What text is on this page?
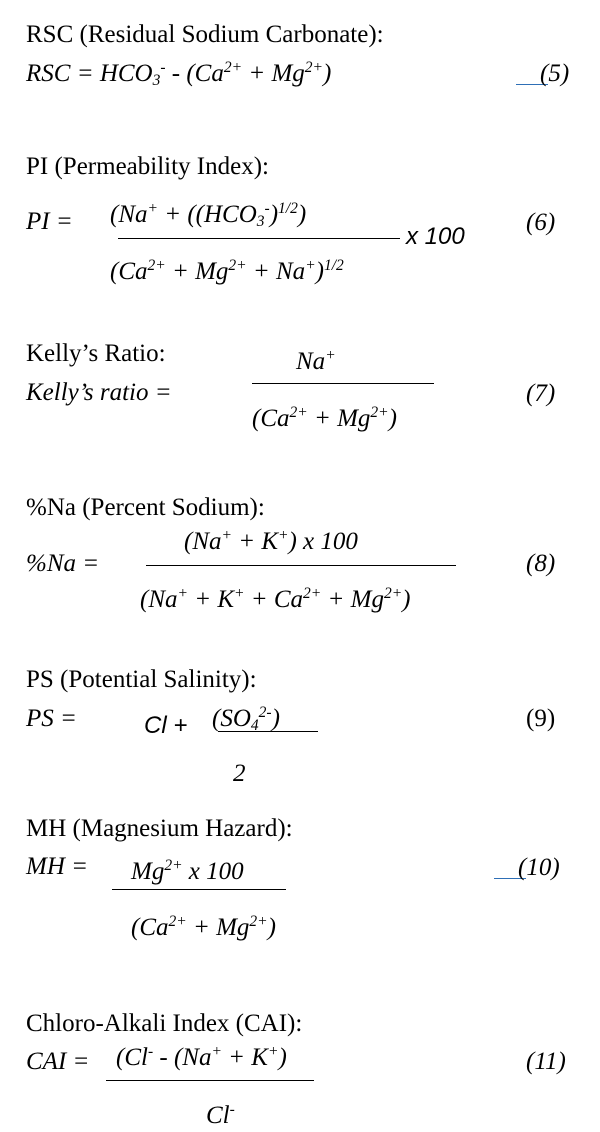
RSC (Residual Sodium Carbonate):
RSC = $HCO_3^- - (Ca^{2+} + Mg^{2+})$	(5)
PI (Permeability Index):
PI = ($Na^+ + ((HCO_3^-)^{1/2})$
x 100
$(Ca^{2+} + Mg^{2+} + Na^+)^{1/2}$
(6)
Kelly’s Ratio:	Na+
Kelly’s ratio =
$(Ca^{2+} + Mg^{2+})$
(7)
%Na (Percent Sodium):
(Na+ + K+) x 100
%Na =
$(Na^+ + K^+ + Ca^{2+} + Mg^{2+})$
(8)
PS (Potential Salinity):
PS =	$Cl + (SO_4^{2-})$
2
(9)
MH (Magnesium Hazard):
MH = $Mg^{2+}$ x 100	(10)
$(Ca^{2+} + Mg^{2+})$
Chloro-Alkali Index (CAI):
CAI = (Cl- - (Na+ + K+)
Cl-
(11)
